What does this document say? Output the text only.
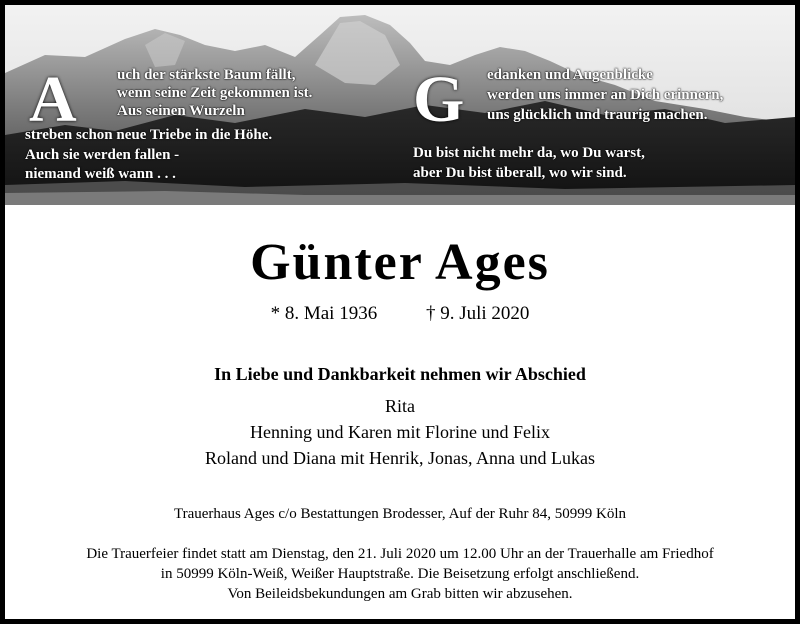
A	uch der stärkste Baum fällt,
wenn seine Zeit gekommen ist.
Aus seinen Wurzeln
streben schon neue Triebe in die Höhe.
Auch sie werden fallen -
niemand weiß wann . . .
G edanken und Augenblicke
werden uns immer an Dich erinnern,
uns glücklich und traurig machen.
Du bist nicht mehr da, wo Du warst,
aber Du bist überall, wo wir sind.
Günter Ages
* 8. Mai 1936	† 9. Juli 2020
In Liebe und Dankbarkeit nehmen wir Abschied
Rita
Henning und Karen mit Florine und Felix
Roland und Diana mit Henrik, Jonas, Anna und Lukas
Trauerhaus Ages c/o Bestattungen Brodesser, Auf der Ruhr 84, 50999 Köln
Die Trauerfeier findet statt am Dienstag, den 21. Juli 2020 um 12.00 Uhr an der Trauerhalle am Friedhof
in 50999 Köln-Weiß, Weißer Hauptstraße. Die Beisetzung erfolgt anschließend.
Von Beileidsbekundungen am Grab bitten wir abzusehen.
